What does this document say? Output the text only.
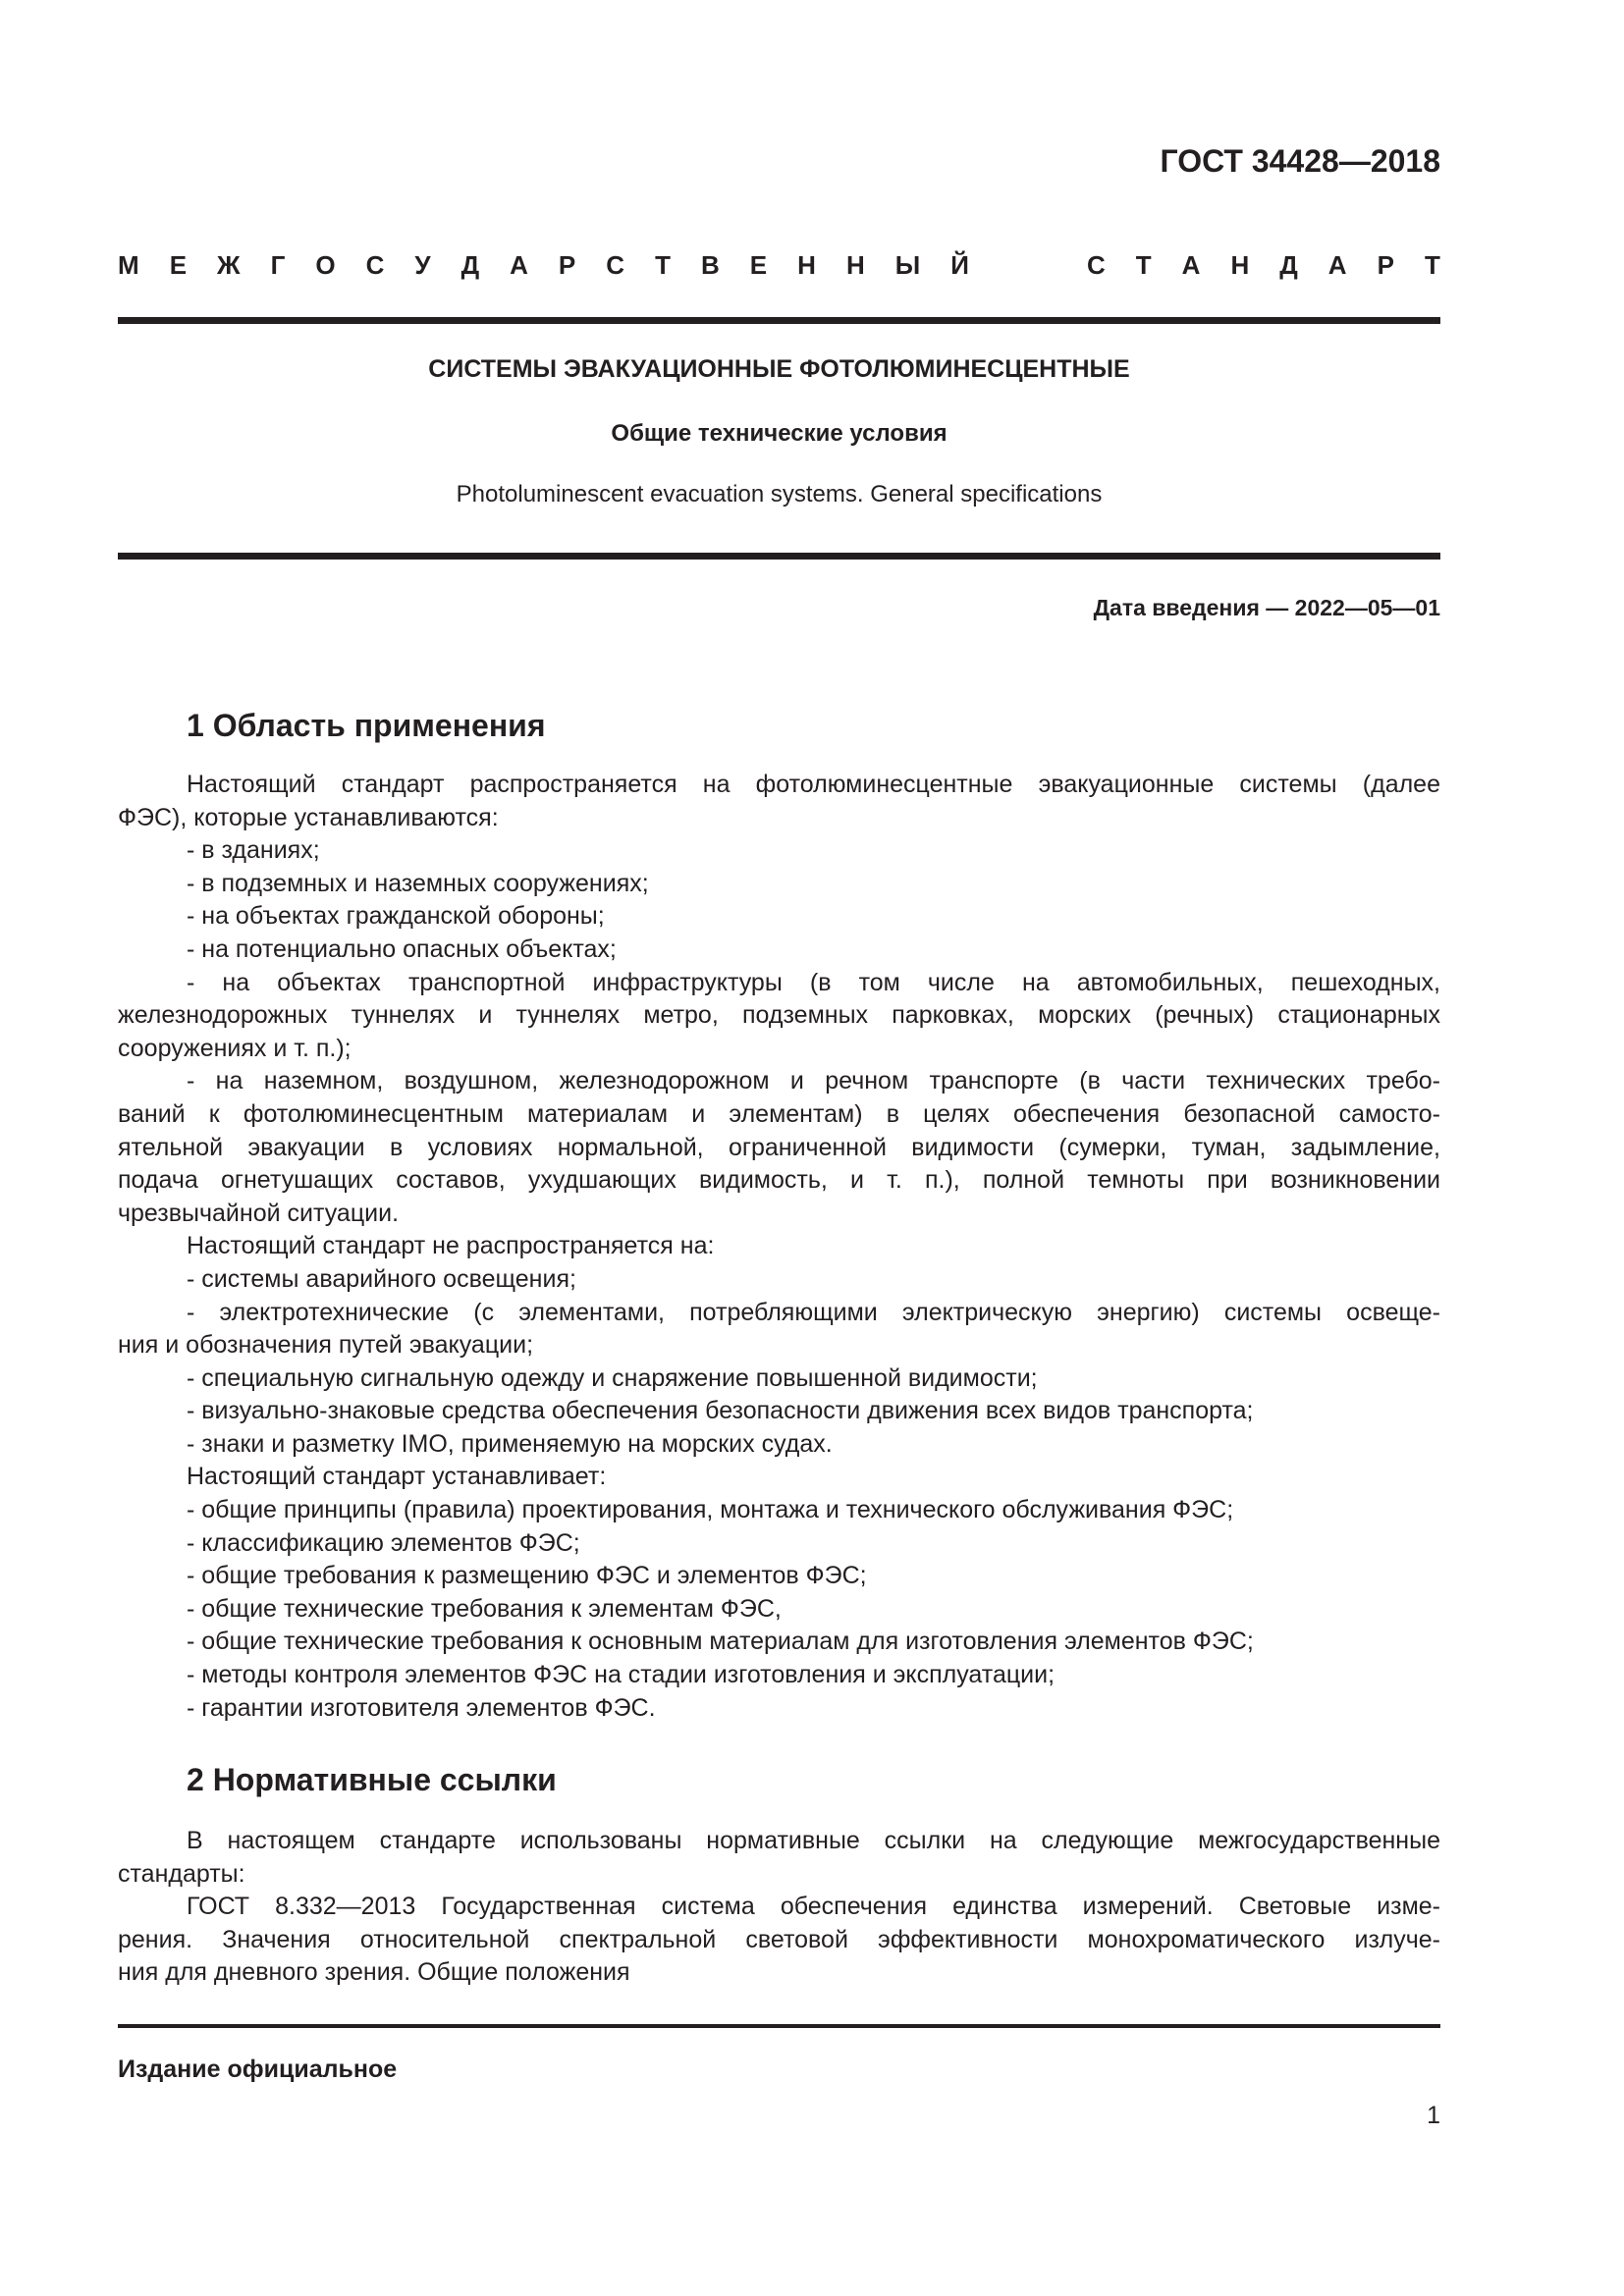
ГОСТ 34428—2018
М Е Ж Г О С У Д А Р С Т В Е Н Н Ы Й	С Т А Н Д А Р Т
СИСТЕМЫ ЭВАКУАЦИОННЫЕ ФОТОЛЮМИНЕСЦЕНТНЫЕ
Общие технические условия
Photoluminescent evacuation systems. General specifications
Дата введения — 2022—05—01
1 Область применения
Настоящий стандарт распространяется на фотолюминесцентные эвакуационные системы (далее
ФЭС), которые устанавливаются:
- в зданиях;
- в подземных и наземных сооружениях;
- на объектах гражданской обороны;
- на потенциально опасных объектах;
- на объектах транспортной инфраструктуры (в том числе на автомобильных, пешеходных,
железнодорожных туннелях и туннелях метро, подземных парковках, морских (речных) стационарных
сооружениях и т. п.);
- на наземном, воздушном, железнодорожном и речном транспорте (в части технических требо-
ваний к фотолюминесцентным материалам и элементам) в целях обеспечения безопасной самосто-
ятельной эвакуации в условиях нормальной, ограниченной видимости (сумерки, туман, задымление,
подача огнетушащих составов, ухудшающих видимость, и т. п.), полной темноты при возникновении
чрезвычайной ситуации.
Настоящий стандарт не распространяется на:
- системы аварийного освещения;
- электротехнические (с элементами, потребляющими электрическую энергию) системы освеще-
ния и обозначения путей эвакуации;
- специальную сигнальную одежду и снаряжение повышенной видимости;
- визуально-знаковые средства обеспечения безопасности движения всех видов транспорта;
- знаки и разметку IMO, применяемую на морских судах.
Настоящий стандарт устанавливает:
- общие принципы (правила) проектирования, монтажа и технического обслуживания ФЭС;
- классификацию элементов ФЭС;
- общие требования к размещению ФЭС и элементов ФЭС;
- общие технические требования к элементам ФЭС,
- общие технические требования к основным материалам для изготовления элементов ФЭС;
- методы контроля элементов ФЭС на стадии изготовления и эксплуатации;
- гарантии изготовителя элементов ФЭС.
2 Нормативные ссылки
В настоящем стандарте использованы нормативные ссылки на следующие межгосударственные
стандарты:
ГОСТ 8.332—2013 Государственная система обеспечения единства измерений. Световые изме-
рения. Значения относительной спектральной световой эффективности монохроматического излуче-
ния для дневного зрения. Общие положения
Издание официальное
1
